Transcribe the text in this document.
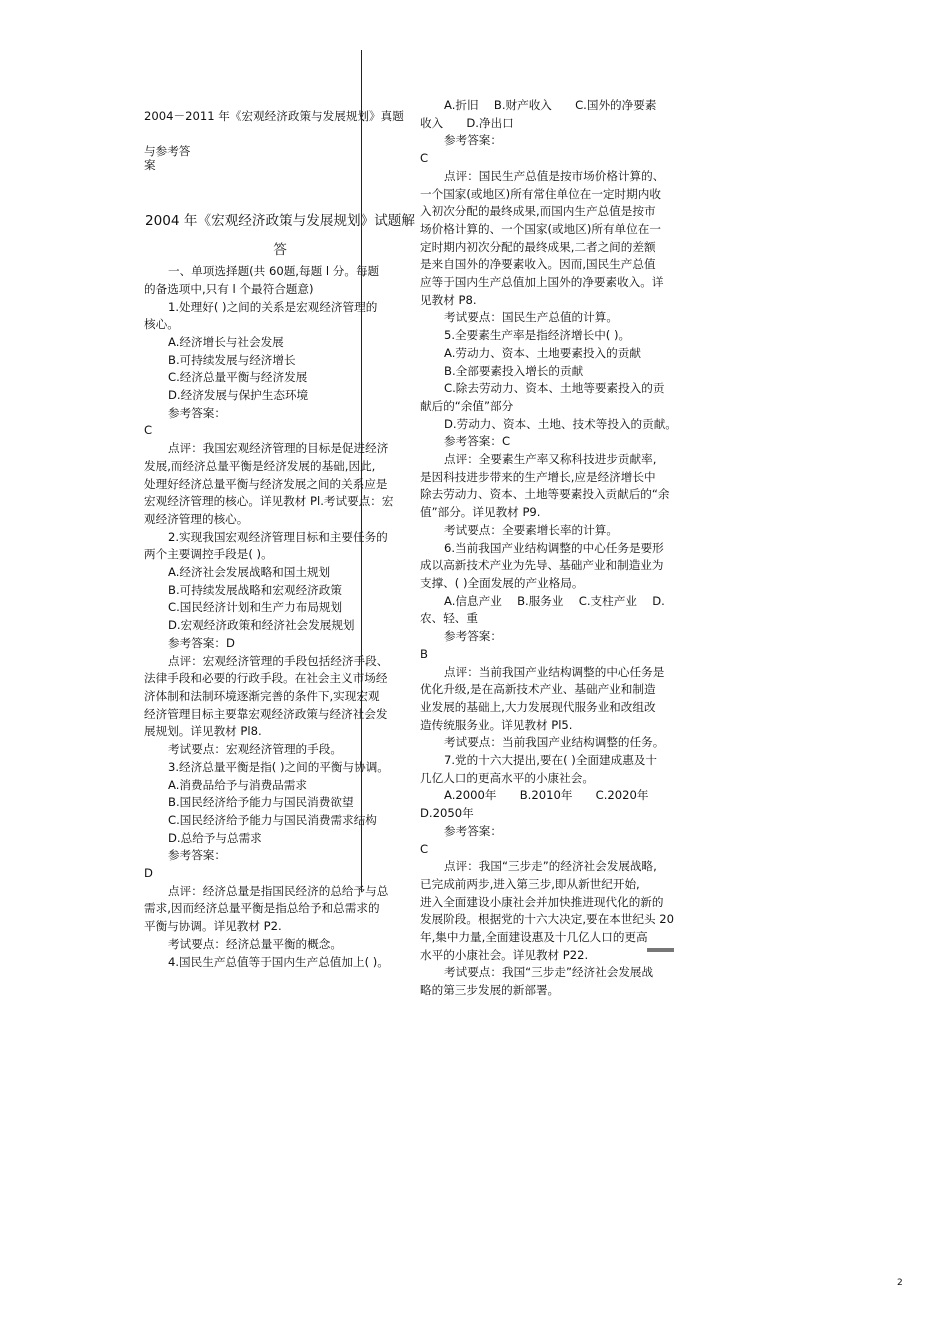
2004－2011 年《宏观经济政策与发展规划》真题
与参考答
案
2004 年《宏观经济政策与发展规划》试题解
答
一、单项选择题(共 60题,每题 l 分。每题
的备选项中,只有 l 个最符合题意)
1.处理好( )之间的关系是宏观经济管理的
核心。
A.经济增长与社会发展
B.可持续发展与经济增长
C.经济总量平衡与经济发展
D.经济发展与保护生态环境
参考答案：
C
点评：我国宏观经济管理的目标是促进经济
发展,而经济总量平衡是经济发展的基础,因此,
处理好经济总量平衡与经济发展之间的关系应是
宏观经济管理的核心。详见教材 Pl.考试要点：宏
观经济管理的核心。
2.实现我国宏观经济管理目标和主要任务的
两个主要调控手段是( )。
A.经济社会发展战略和国土规划
B.可持续发展战略和宏观经济政策
C.国民经济计划和生产力布局规划
D.宏观经济政策和经济社会发展规划
参考答案：D
点评：宏观经济管理的手段包括经济手段、
法律手段和必要的行政手段。在社会主义市场经
济体制和法制环境逐渐完善的条件下,实现宏观
经济管理目标主要靠宏观经济政策与经济社会发
展规划。详见教材 Pl8.
考试要点：宏观经济管理的手段。
3.经济总量平衡是指( )之间的平衡与协调。
A.消费品给予与消费品需求
B.国民经济给予能力与国民消费欲望
C.国民经济给予能力与国民消费需求结构
D.总给予与总需求
参考答案：
D
点评：经济总量是指国民经济的总给予与总
需求,因而经济总量平衡是指总给予和总需求的
平衡与协调。详见教材 P2.
考试要点：经济总量平衡的概念。
4.国民生产总值等于国内生产总值加上( )。
A.折旧　 B.财产收入　　C.国外的净要素
收入　　D.净出口
参考答案：
C
点评：国民生产总值是按市场价格计算的、
一个国家(或地区)所有常住单位在一定时期内收
入初次分配的最终成果,而国内生产总值是按市
场价格计算的、一个国家(或地区)所有单位在一
定时期内初次分配的最终成果,二者之间的差额
是来自国外的净要素收入。因而,国民生产总值
应等于国内生产总值加上国外的净要素收入。详
见教材 P8.
考试要点：国民生产总值的计算。
5.全要素生产率是指经济增长中( )。
A.劳动力、资本、土地要素投入的贡献
B.全部要素投入增长的贡献
C.除去劳动力、资本、土地等要素投入的贡
献后的“余值”部分
D.劳动力、资本、土地、技术等投入的贡献。
参考答案：C
点评：全要素生产率又称科技进步贡献率,
是因科技进步带来的生产增长,应是经济增长中
除去劳动力、资本、土地等要素投入贡献后的“余
值”部分。详见教材 P9.
考试要点：全要素增长率的计算。
6.当前我国产业结构调整的中心任务是要形
成以高新技术产业为先导、基础产业和制造业为
支撑、( )全面发展的产业格局。
A.信息产业　 B.服务业　 C.支柱产业　 D.
农、轻、重
参考答案：
B
点评：当前我国产业结构调整的中心任务是
优化升级,是在高新技术产业、基础产业和制造
业发展的基础上,大力发展现代服务业和改组改
造传统服务业。详见教材 Pl5.
考试要点：当前我国产业结构调整的任务。
7.党的十六大提出,要在( )全面建成惠及十
几亿人口的更高水平的小康社会。
A.2000年　　B.2010年　　C.2020年
D.2050年
参考答案：
C
点评：我国“三步走”的经济社会发展战略,
已完成前两步,进入第三步,即从新世纪开始,
进入全面建设小康社会并加快推进现代化的新的
发展阶段。根据党的十六大决定,要在本世纪头 20
年,集中力量,全面建设惠及十几亿人口的更高
水平的小康社会。详见教材 P22.
考试要点：我国“三步走”经济社会发展战
略的第三步发展的新部署。
2
